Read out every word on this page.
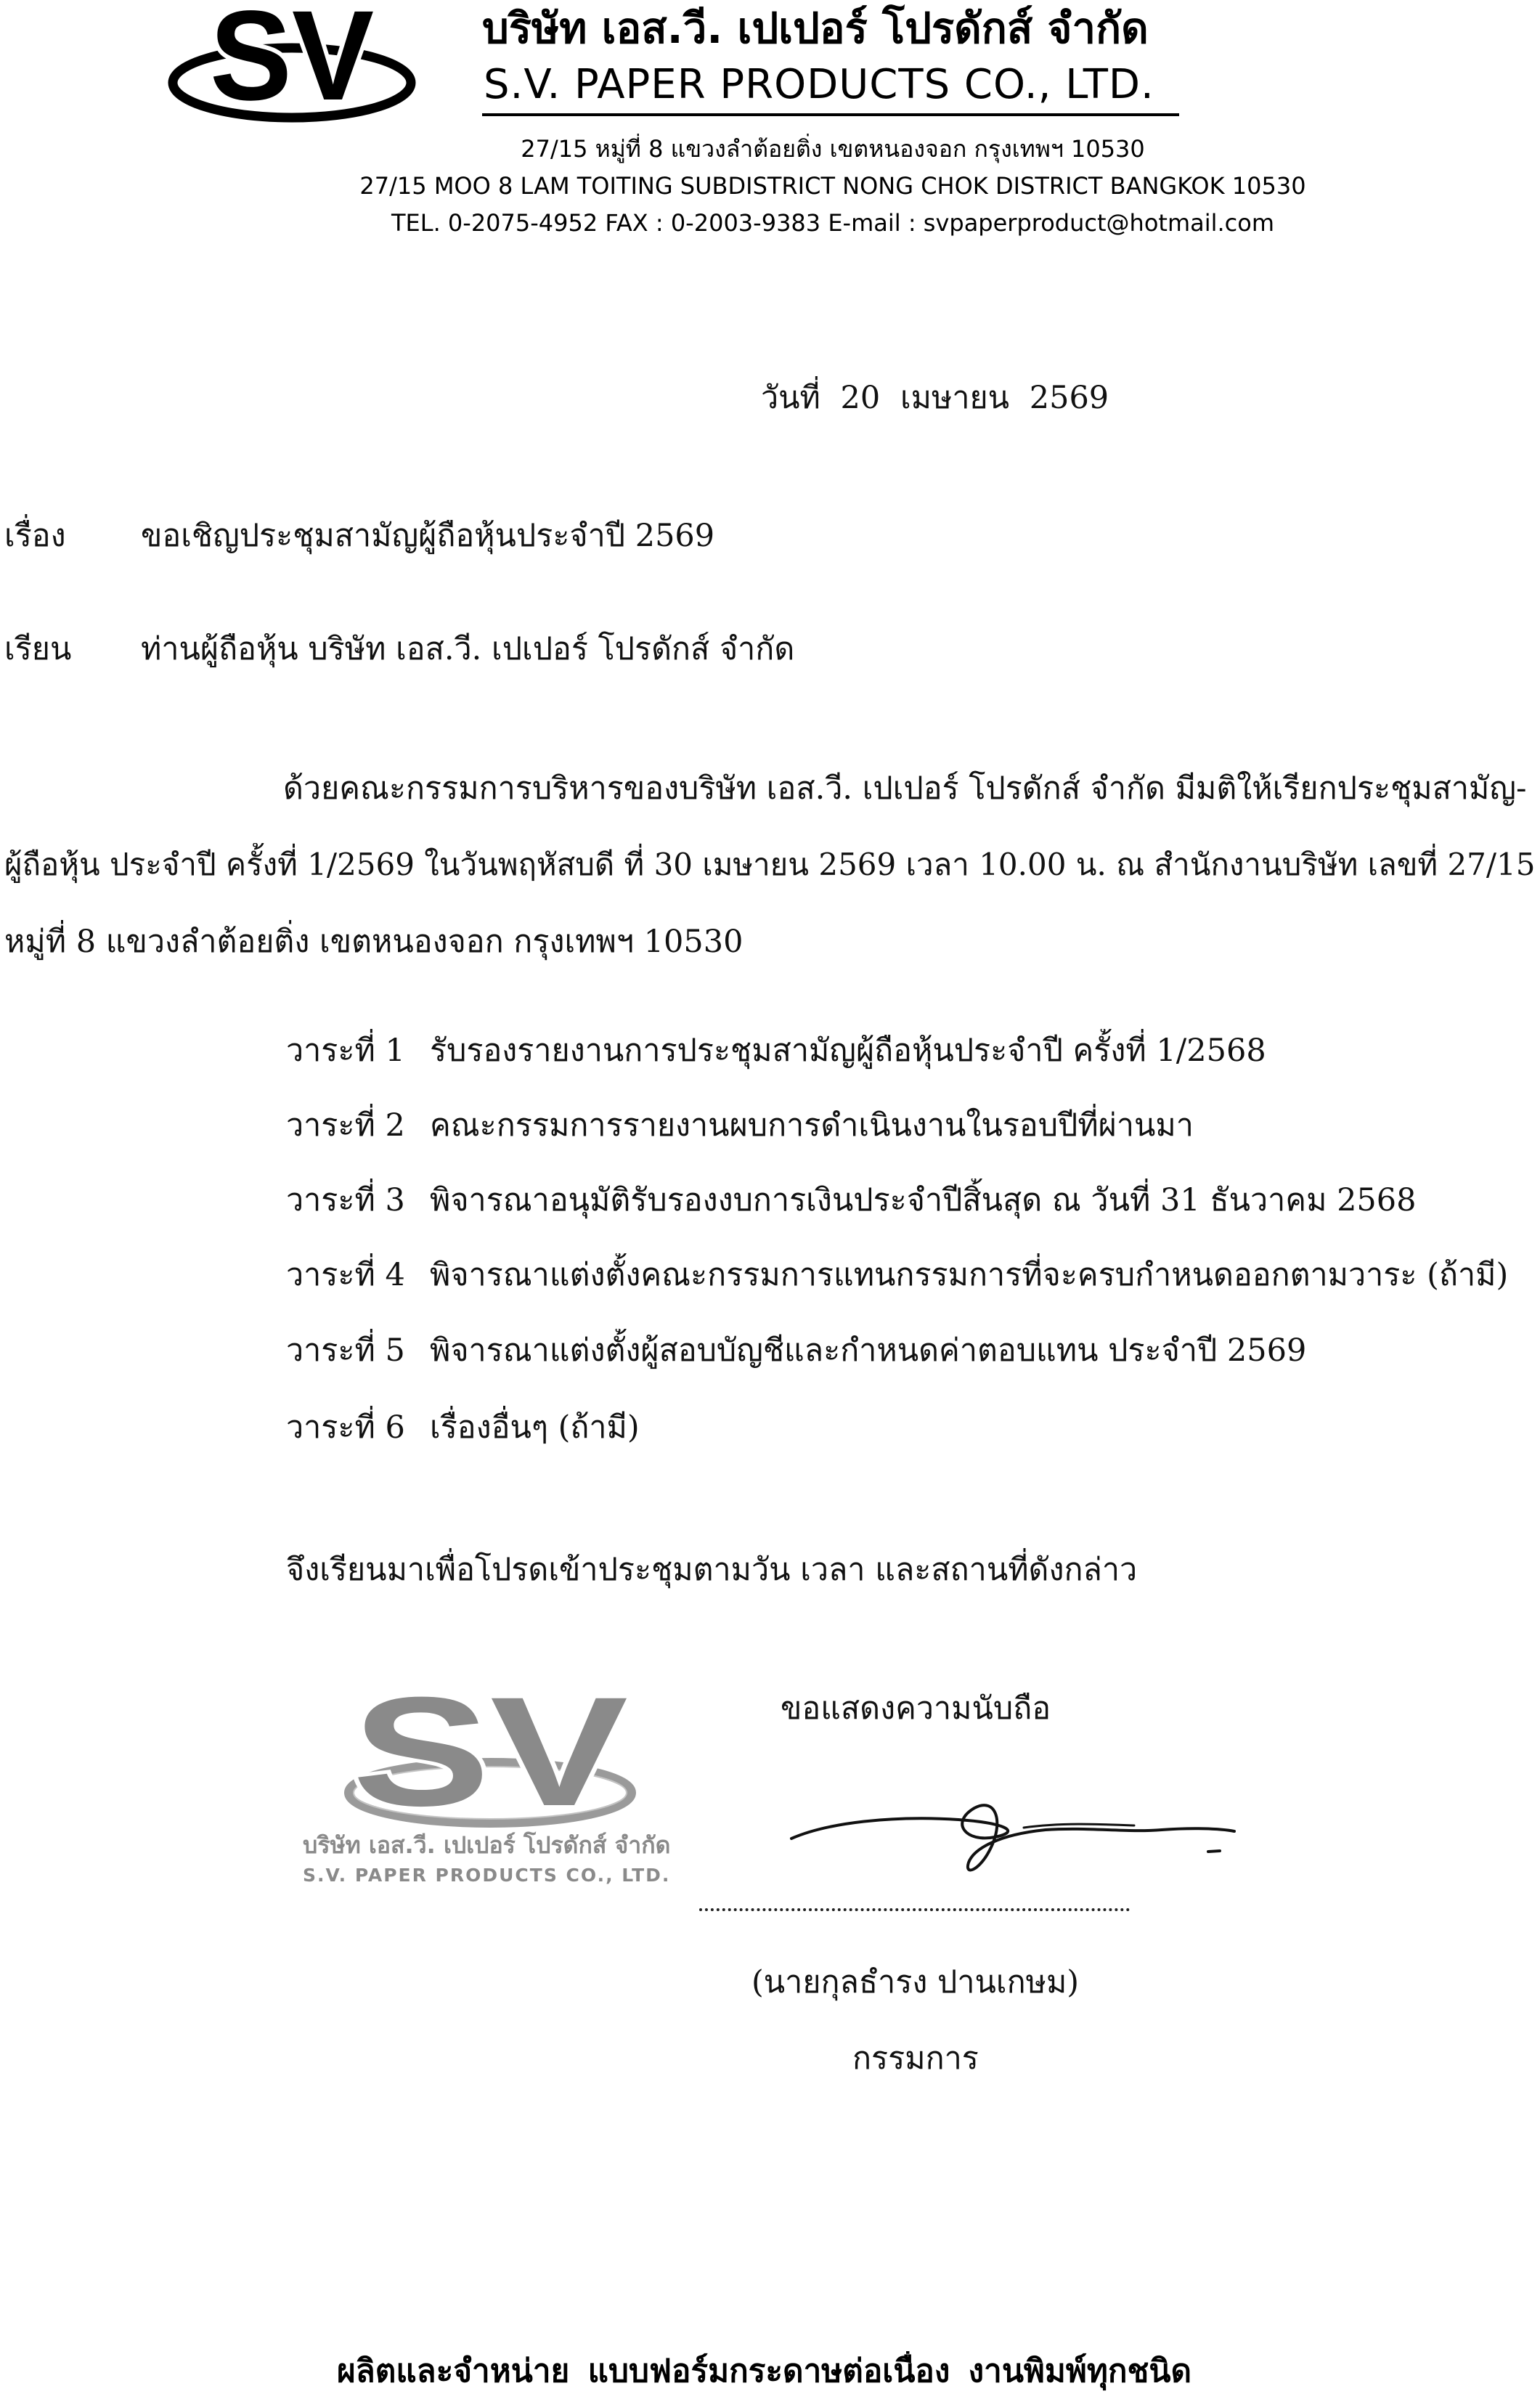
SV	บริษัท เอส.วี. เปเปอร์ โปรดักส์ จำกัด
S.V. PAPER PRODUCTS CO., LTD.
27/15 หมู่ที่ 8 แขวงลำต้อยติ่ง เขตหนองจอก กรุงเทพฯ 10530
27/15 MOO 8 LAM TOITING SUBDISTRICT NONG CHOK DISTRICT BANGKOK 10530
TEL. 0-2075-4952 FAX : 0-2003-9383 E-mail : svpaperproduct@hotmail.com
วันที่ 20 เมษายน 2569
เรื่อง	ขอเชิญประชุมสามัญผู้ถือหุ้นประจำปี 2569
เรียน	ท่านผู้ถือหุ้น บริษัท เอส.วี. เปเปอร์ โปรดักส์ จำกัด
ด้วยคณะกรรมการบริหารของบริษัท เอส.วี. เปเปอร์ โปรดักส์ จำกัด มีมติให้เรียกประชุมสามัญ-
ผู้ถือหุ้น ประจำปี ครั้งที่ 1/2569 ในวันพฤหัสบดี ที่ 30 เมษายน 2569 เวลา 10.00 น. ณ สำนักงานบริษัท เลขที่ 27/15
หมู่ที่ 8 แขวงลำต้อยติ่ง เขตหนองจอก กรุงเทพฯ 10530
วาระที่ 1 รับรองรายงานการประชุมสามัญผู้ถือหุ้นประจำปี ครั้งที่ 1/2568
วาระที่ 2 คณะกรรมการรายงานผบการดำเนินงานในรอบปีที่ผ่านมา
วาระที่ 3 พิจารณาอนุมัติรับรองงบการเงินประจำปีสิ้นสุด ณ วันที่ 31 ธันวาคม 2568
วาระที่ 4 พิจารณาแต่งตั้งคณะกรรมการแทนกรรมการที่จะครบกำหนดออกตามวาระ (ถ้ามี)
วาระที่ 5 พิจารณาแต่งตั้งผู้สอบบัญชีและกำหนดค่าตอบแทน ประจำปี 2569
วาระที่ 6 เรื่องอื่นๆ (ถ้ามี)
จึงเรียนมาเพื่อโปรดเข้าประชุมตามวัน เวลา และสถานที่ดังกล่าว
ขอแสดงความนับถือ
SV
บริษัท เอส.วี. เปเปอร์ โปรดักส์ จำกัด
S.V. PAPER PRODUCTS CO., LTD.
(นายกุลธำรง ปานเกษม)
กรรมการ
ผลิตและจำหน่าย แบบฟอร์มกระดาษต่อเนื่อง งานพิมพ์ทุกชนิด
